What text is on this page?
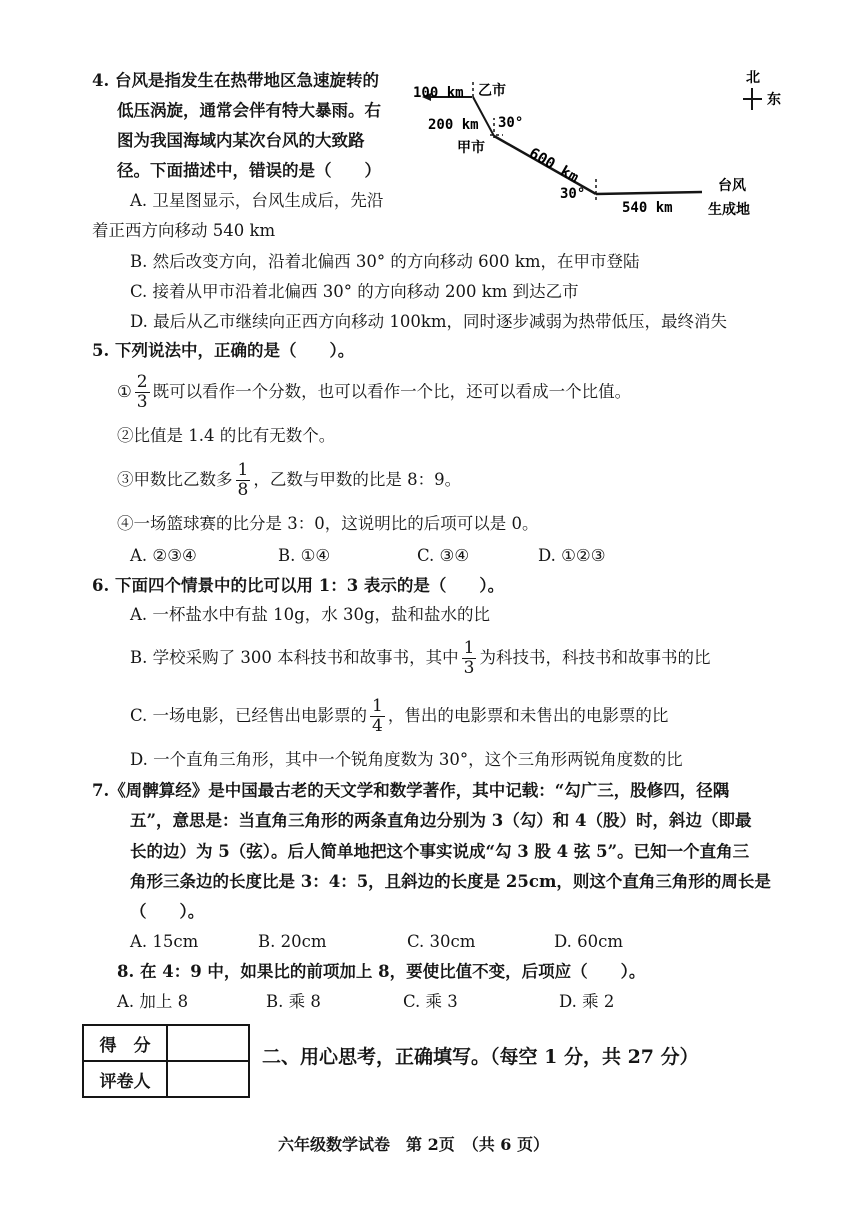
4. 台风是指发生在热带地区急速旋转的
低压涡旋，通常会伴有特大暴雨。右
图为我国海域内某次台风的大致路
径。下面描述中，错误的是（　　）
A. 卫星图显示，台风生成后，先沿
着正西方向移动 540 km
B. 然后改变方向，沿着北偏西 30° 的方向移动 600 km，在甲市登陆
C. 接着从甲市沿着北偏西 30° 的方向移动 200 km 到达乙市
D. 最后从乙市继续向正西方向移动 100km，同时逐步减弱为热带低压，最终消失
100 km 乙市
200 km 30°
甲市	600 km
30°
540 km
台风
生成地
北
东
5. 下列说法中，正确的是（　　）。
① $\frac{2}{3}$ 既可以看作一个分数，也可以看作一个比，还可以看成一个比值。
②比值是 1.4 的比有无数个。
③甲数比乙数多 $\frac{1}{8}$ ，乙数与甲数的比是 8：9。
④一场篮球赛的比分是 3：0，这说明比的后项可以是 0。
A. ②③④	B. ①④	C. ③④	D. ①②③
6. 下面四个情景中的比可以用 1：3 表示的是（　　）。
A. 一杯盐水中有盐 10g，水 30g，盐和盐水的比
B. 学校采购了 300 本科技书和故事书，其中 $\frac{1}{3}$ 为科技书，科技书和故事书的比
C. 一场电影，已经售出电影票的 $\frac{1}{4}$ ，售出的电影票和未售出的电影票的比
D. 一个直角三角形，其中一个锐角度数为 30°，这个三角形两锐角度数的比
7.《周髀算经》是中国最古老的天文学和数学著作，其中记载：“勾广三，股修四，径隅
五”，意思是：当直角三角形的两条直角边分别为 3（勾）和 4（股）时，斜边（即最
长的边）为 5（弦）。后人简单地把这个事实说成“勾 3 股 4 弦 5”。已知一个直角三
角形三条边的长度比是 3：4：5，且斜边的长度是 25cm，则这个直角三角形的周长是
（　　）。
A. 15cm	B. 20cm	C. 30cm	D. 60cm
8. 在 4：9 中，如果比的前项加上 8，要使比值不变，后项应（　　）。
A. 加上 8	B. 乘 8	C. 乘 3	D. 乘 2
得　分	
评卷人	
二、用心思考，正确填写。（每空 1 分，共 27 分）
六年级数学试卷　第 2页　（共 6 页）
